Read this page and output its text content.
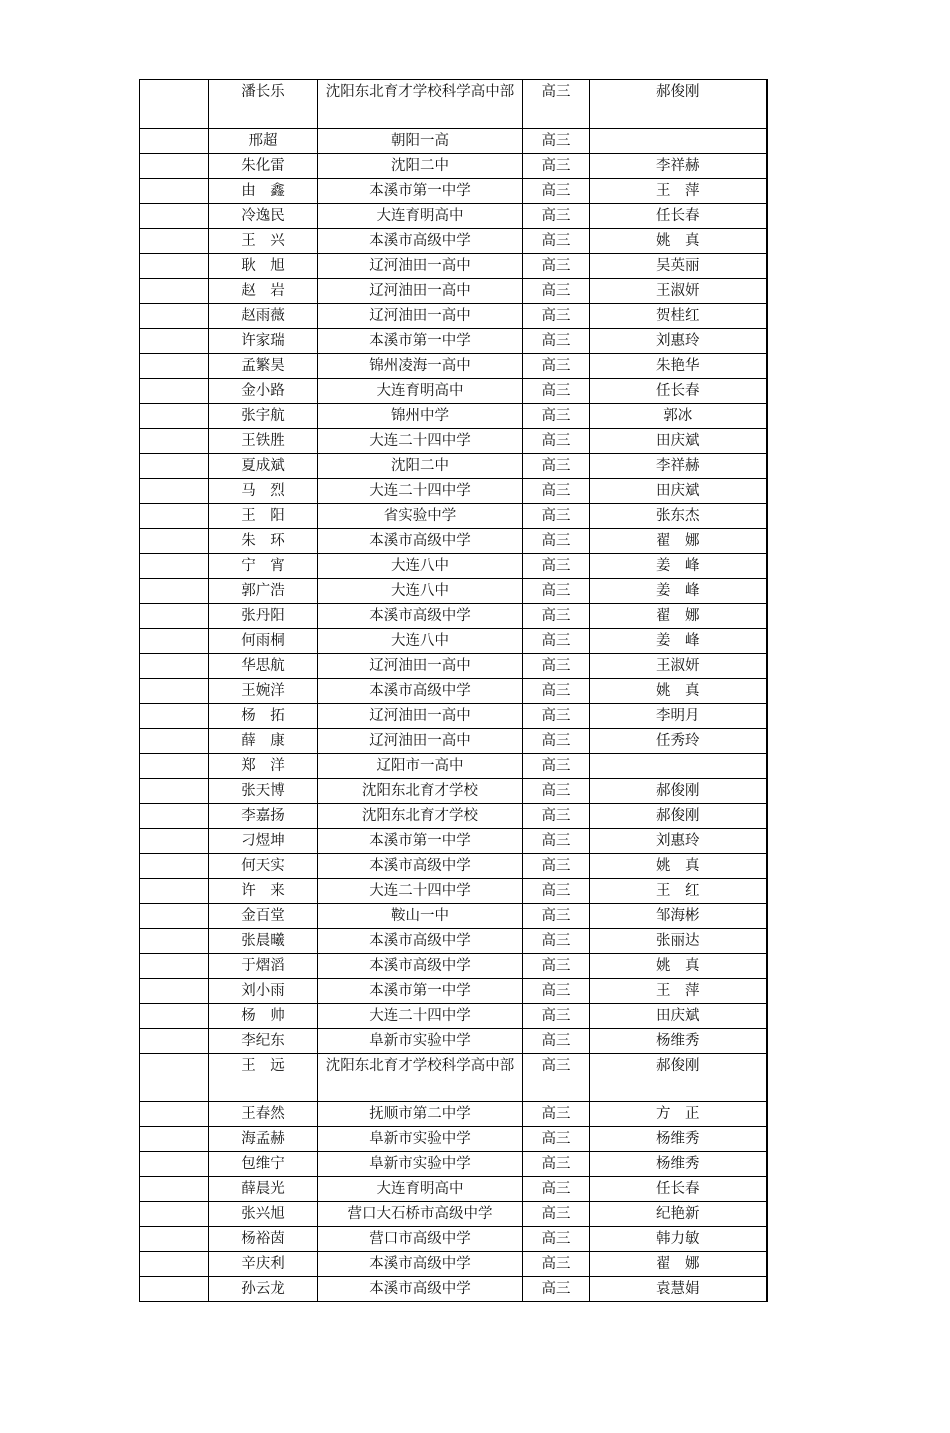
	潘长乐	沈阳东北育才学校科学高中部	高三	郝俊刚
	邢超	朝阳一高	高三	
	朱化雷	沈阳二中	高三	李祥赫
	由　鑫	本溪市第一中学	高三	王　萍
	冷逸民	大连育明高中	高三	任长春
	王　兴	本溪市高级中学	高三	姚　真
	耿　旭	辽河油田一高中	高三	吴英丽
	赵　岩	辽河油田一高中	高三	王淑妍
	赵雨薇	辽河油田一高中	高三	贺桂红
	许家瑞	本溪市第一中学	高三	刘惠玲
	孟繁昊	锦州凌海一高中	高三	朱艳华
	金小路	大连育明高中	高三	任长春
	张宇航	锦州中学	高三	郭冰
	王铁胜	大连二十四中学	高三	田庆斌
	夏成斌	沈阳二中	高三	李祥赫
	马　烈	大连二十四中学	高三	田庆斌
	王　阳	省实验中学	高三	张东杰
	朱　环	本溪市高级中学	高三	翟　娜
	宁　宵	大连八中	高三	姜　峰
	郭广浩	大连八中	高三	姜　峰
	张丹阳	本溪市高级中学	高三	翟　娜
	何雨桐	大连八中	高三	姜　峰
	华思航	辽河油田一高中	高三	王淑妍
	王婉洋	本溪市高级中学	高三	姚　真
	杨　拓	辽河油田一高中	高三	李明月
	薛　康	辽河油田一高中	高三	任秀玲
	郑　洋	辽阳市一高中	高三	
	张天博	沈阳东北育才学校	高三	郝俊刚
	李嘉扬	沈阳东北育才学校	高三	郝俊刚
	刁煜坤	本溪市第一中学	高三	刘惠玲
	何天实	本溪市高级中学	高三	姚　真
	许　来	大连二十四中学	高三	王　红
	金百堂	鞍山一中	高三	邹海彬
	张晨曦	本溪市高级中学	高三	张丽达
	于熠滔	本溪市高级中学	高三	姚　真
	刘小雨	本溪市第一中学	高三	王　萍
	杨　帅	大连二十四中学	高三	田庆斌
	李纪东	阜新市实验中学	高三	杨维秀
	王　远	沈阳东北育才学校科学高中部	高三	郝俊刚
	王春然	抚顺市第二中学	高三	方　正
	海孟赫	阜新市实验中学	高三	杨维秀
	包维宁	阜新市实验中学	高三	杨维秀
	薛晨光	大连育明高中	高三	任长春
	张兴旭	营口大石桥市高级中学	高三	纪艳新
	杨裕茵	营口市高级中学	高三	韩力敏
	辛庆利	本溪市高级中学	高三	翟　娜
	孙云龙	本溪市高级中学	高三	袁慧娟
